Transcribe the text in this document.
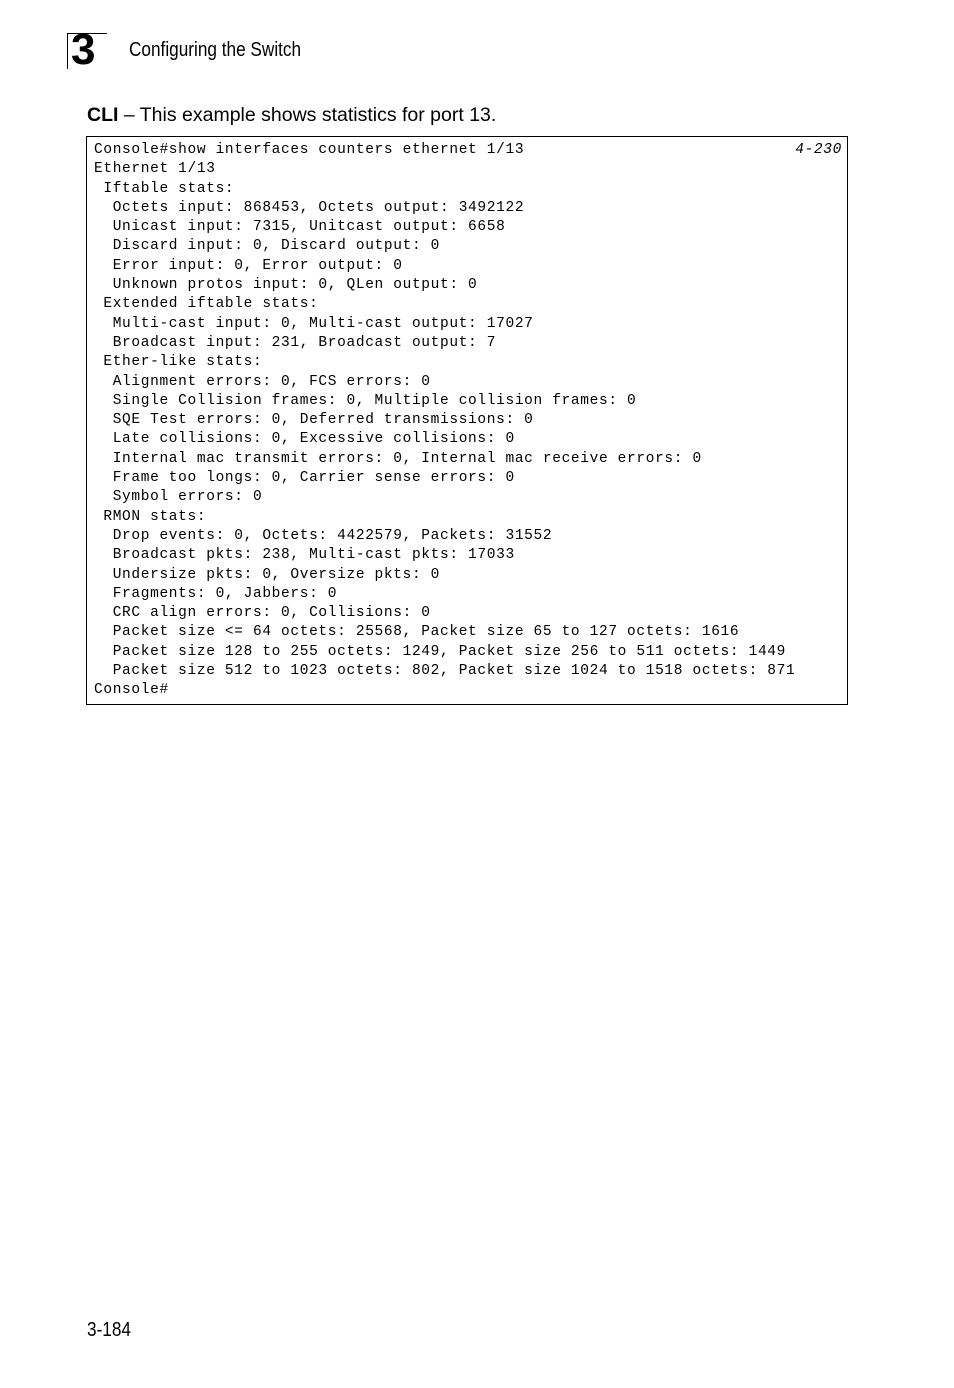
3 Configuring the Switch
CLI – This example shows statistics for port 13.
4-230
Console#show interfaces counters ethernet 1/13
Ethernet 1/13
Iftable stats:
Octets input: 868453, Octets output: 3492122
Unicast input: 7315, Unitcast output: 6658
Discard input: 0, Discard output: 0
Error input: 0, Error output: 0
Unknown protos input: 0, QLen output: 0
Extended iftable stats:
Multi-cast input: 0, Multi-cast output: 17027
Broadcast input: 231, Broadcast output: 7
Ether-like stats:
Alignment errors: 0, FCS errors: 0
Single Collision frames: 0, Multiple collision frames: 0
SQE Test errors: 0, Deferred transmissions: 0
Late collisions: 0, Excessive collisions: 0
Internal mac transmit errors: 0, Internal mac receive errors: 0
Frame too longs: 0, Carrier sense errors: 0
Symbol errors: 0
RMON stats:
Drop events: 0, Octets: 4422579, Packets: 31552
Broadcast pkts: 238, Multi-cast pkts: 17033
Undersize pkts: 0, Oversize pkts: 0
Fragments: 0, Jabbers: 0
CRC align errors: 0, Collisions: 0
Packet size <= 64 octets: 25568, Packet size 65 to 127 octets: 1616
Packet size 128 to 255 octets: 1249, Packet size 256 to 511 octets: 1449
Packet size 512 to 1023 octets: 802, Packet size 1024 to 1518 octets: 871
Console#
3-184
